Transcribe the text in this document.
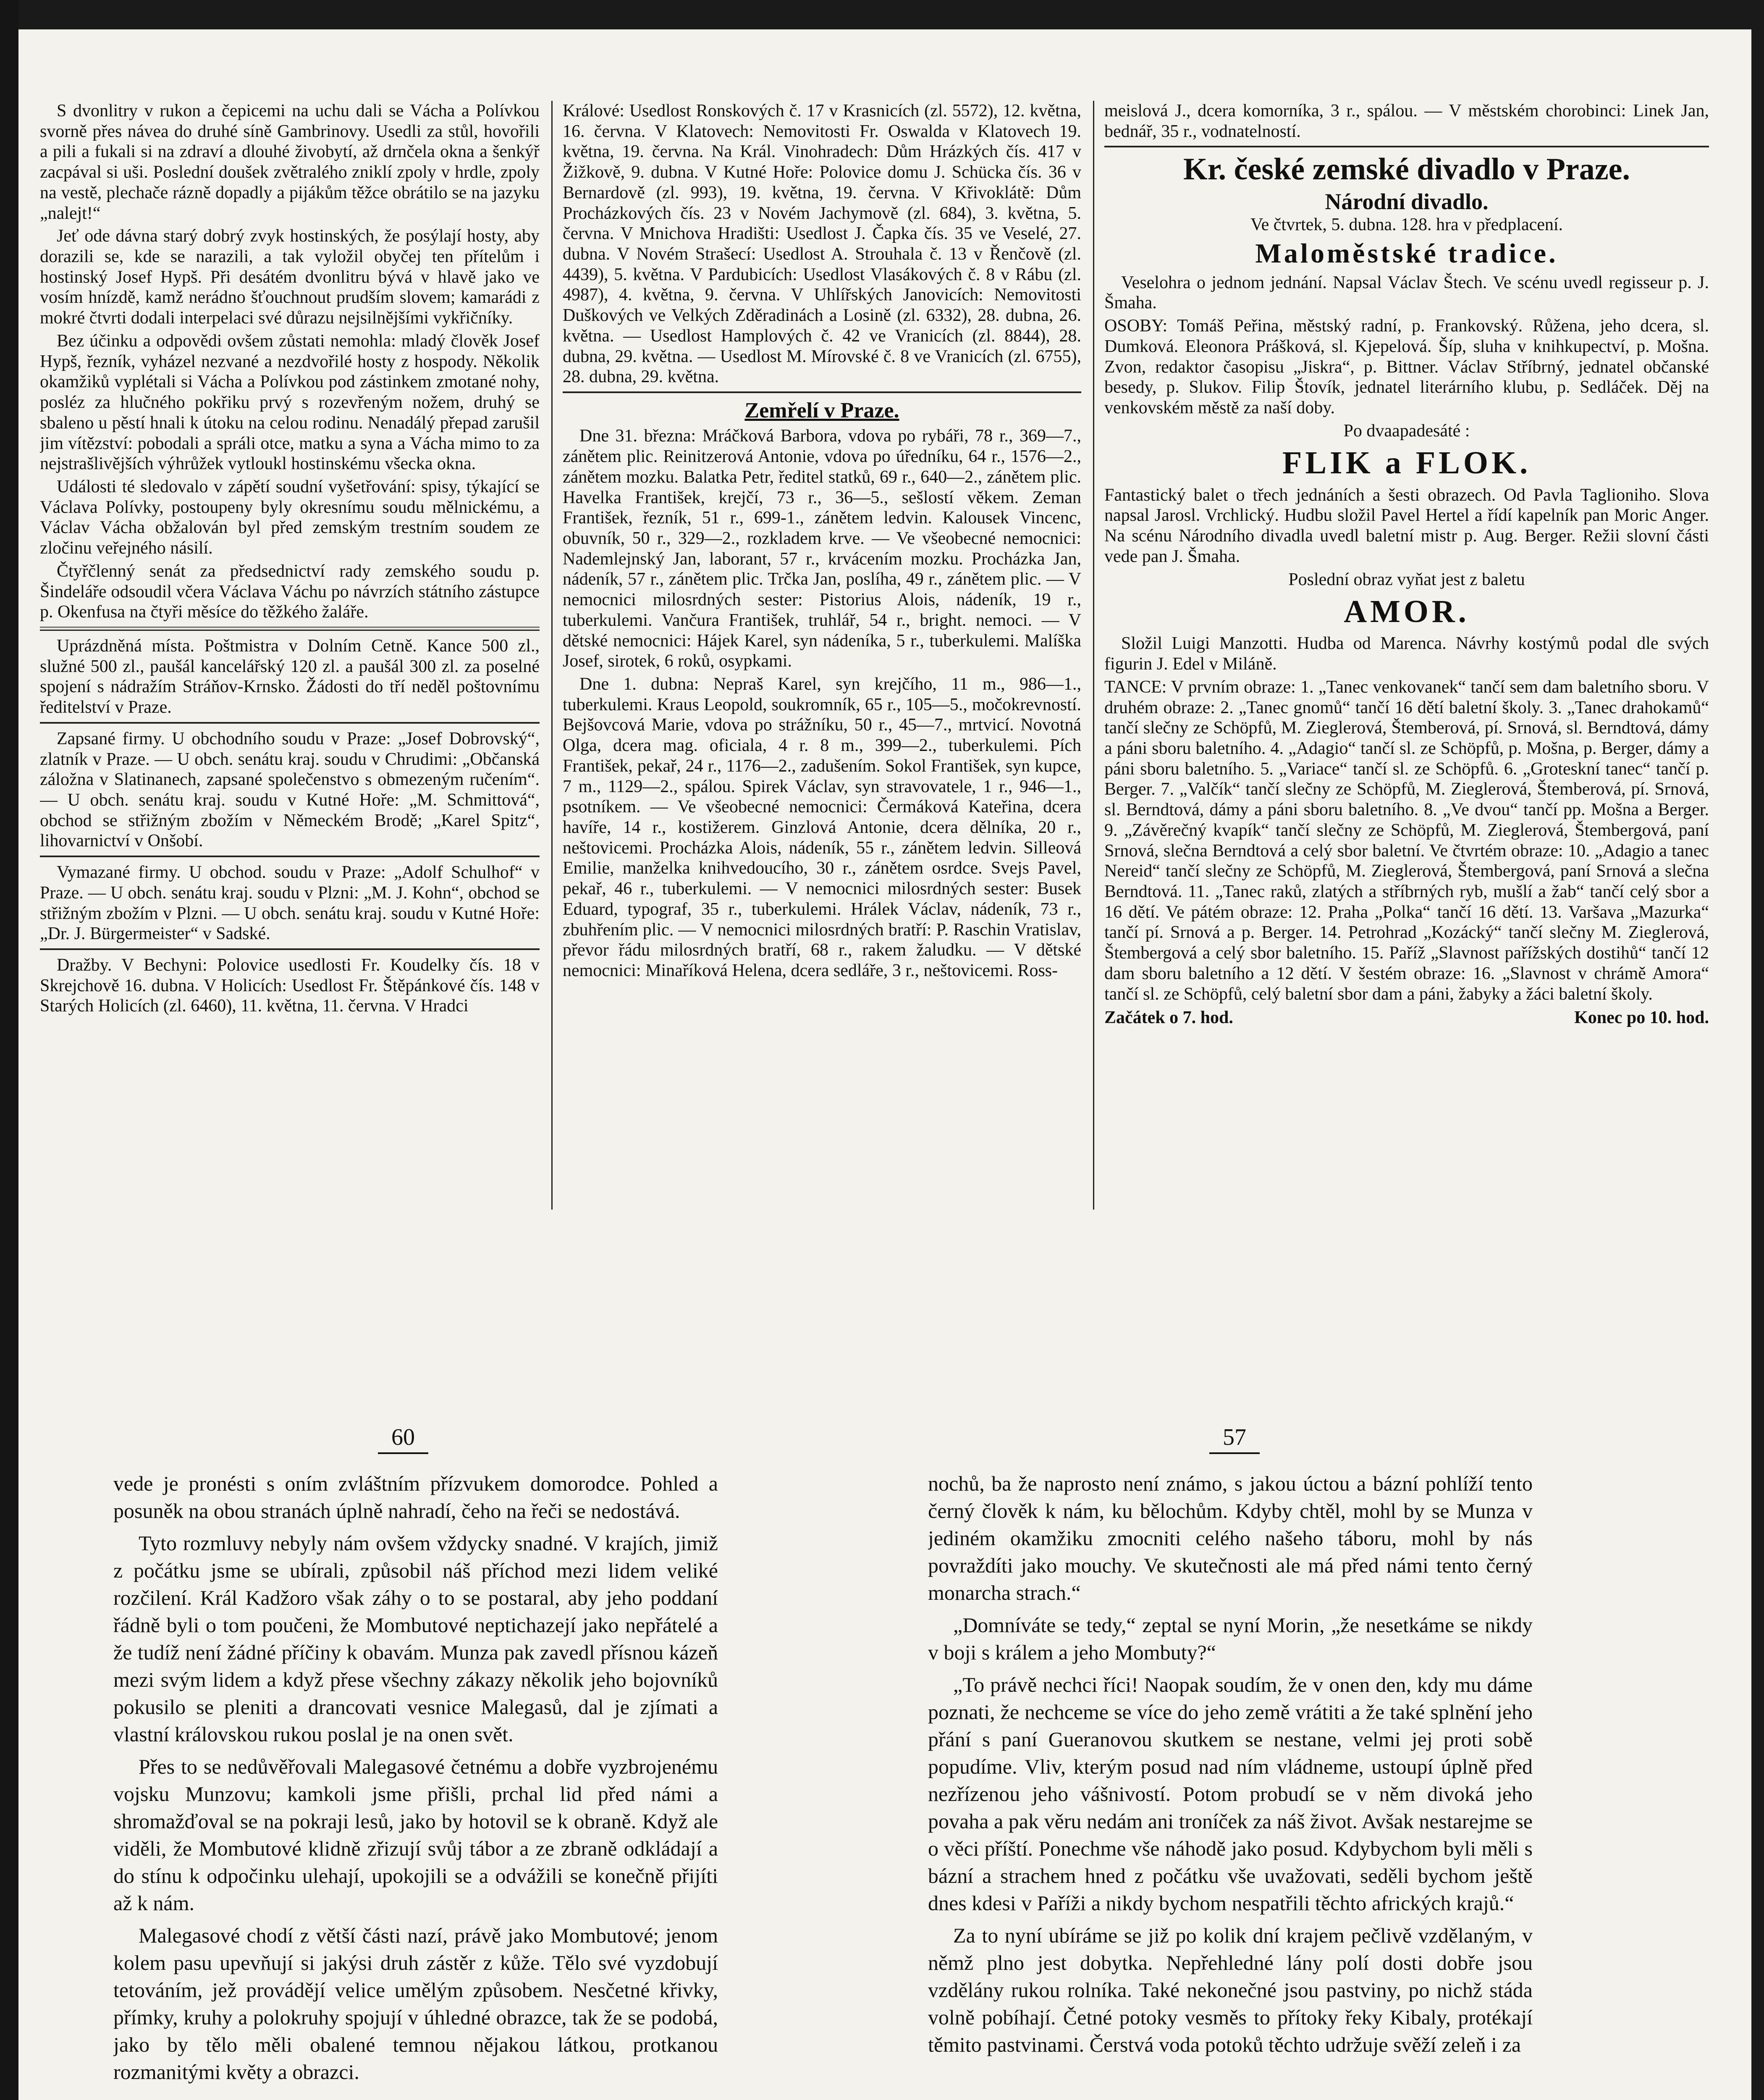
S dvonlitry v rukon a čepicemi na uchu dali se Vácha a Polívkou svorně přes návea do druhé síně Gambrinovy. Usedli za stůl, hovořili a pili a fukali si na zdraví a dlouhé živobytí, až drnčela okna a šenkýř zacpával si uši. Poslední doušek zvětralého zniklí zpoly v hrdle, zpoly na vestě, plechače rázně dopadly a pijákům těžce obrátilo se na jazyku „nalejt!“

Jeť ode dávna starý dobrý zvyk hostinských, že posýlají hosty, aby dorazili se, kde se narazili, a tak vyložil obyčej ten přítelům i hostinský Josef Hypš. Při desátém dvonlitru bývá v hlavě jako ve vosím hnízdě, kamž nerádno šťouchnout prudším slovem; kamarádi z mokré čtvrti dodali interpelaci své důrazu nejsilnějšími vykřičníky.

Bez účinku a odpovědi ovšem zůstati nemohla: mladý člověk Josef Hypš, řezník, vyházel nezvané a nezdvořilé hosty z hospody. Několik okamžiků vyplétali si Vácha a Polívkou pod zástinkem zmotané nohy, posléz za hlučného pokřiku prvý s rozevřeným nožem, druhý se sbaleno u pěstí hnali k útoku na celou rodinu. Nenadálý přepad zarušil jim vítězství: pobodali a spráli otce, matku a syna a Vácha mimo to za nejstrašlivějších výhrůžek vytloukl hostinskému všecka okna.

Události té sledovalo v zápětí soudní vyšetřování: spisy, týkající se Václava Polívky, postoupeny byly okresnímu soudu mělnickému, a Václav Vácha obžalován byl před zemským trestním soudem ze zločinu veřejného násilí.

Čtyřčlenný senát za předsednictví rady zemského soudu p. Šindeláře odsoudil včera Václava Váchu po návrzích státního zástupce p. Okenfusa na čtyři měsíce do těžkého žaláře.

Uprázdněná místa. Poštmistra v Dolním Cetně. Kance 500 zl., služné 500 zl., paušál kancelářský 120 zl. a paušál 300 zl. za poselné spojení s nádražím Stráňov-Krnsko. Žádosti do tří neděl poštovnímu ředitelství v Praze.

Zapsané firmy. U obchodního soudu v Praze: „Josef Dobrovský“, zlatník v Praze. — U obch. senátu kraj. soudu v Chrudimi: „Občanská záložna v Slatinanech, zapsané společenstvo s obmezeným ručením“. — U obch. senátu kraj. soudu v Kutné Hoře: „M. Schmittová“, obchod se střižným zbožím v Německém Brodě; „Karel Spitz“, lihovarnictví v Onšobí.

Vymazané firmy. U obchod. soudu v Praze: „Adolf Schulhof“ v Praze. — U obch. senátu kraj. soudu v Plzni: „M. J. Kohn“, obchod se střižným zbožím v Plzni. — U obch. senátu kraj. soudu v Kutné Hoře: „Dr. J. Bürgermeister“ v Sadské.

Dražby. V Bechyni: Polovice usedlosti Fr. Koudelky čís. 18 v Skrejchově 16. dubna. V Holicích: Usedlost Fr. Štěpánkové čís. 148 v Starých Holicích (zl. 6460), 11. května, 11. června. V Hradci

Králové: Usedlost Ronskových č. 17 v Krasnicích (zl. 5572), 12. května, 16. června. V Klatovech: Nemovitosti Fr. Oswalda v Klatovech 19. května, 19. června. Na Král. Vinohradech: Dům Hrázkých čís. 417 v Žižkově, 9. dubna. V Kutné Hoře: Polovice domu J. Schücka čís. 36 v Bernardově (zl. 993), 19. května, 19. června. V Křivoklátě: Dům Procházkových čís. 23 v Novém Jachymově (zl. 684), 3. května, 5. června. V Mnichova Hradišti: Usedlost J. Čapka čís. 35 ve Veselé, 27. dubna. V Novém Strašecí: Usedlost A. Strouhala č. 13 v Řenčově (zl. 4439), 5. května. V Pardubicích: Usedlost Vlasákových č. 8 v Rábu (zl. 4987), 4. května, 9. června. V Uhlířských Janovicích: Nemovitosti Duškových ve Velkých Zděradinách a Losině (zl. 6332), 28. dubna, 26. května. — Usedlost Hamplových č. 42 ve Vranicích (zl. 8844), 28. dubna, 29. května. — Usedlost M. Mírovské č. 8 ve Vranicích (zl. 6755), 28. dubna, 29. května.

Zemřelí v Praze.

Dne 31. března: Mráčková Barbora, vdova po rybáři, 78 r., 369—7., zánětem plic. Reinitzerová Antonie, vdova po úředníku, 64 r., 1576—2., zánětem mozku. Balatka Petr, ředitel statků, 69 r., 640—2., zánětem plic. Havelka František, krejčí, 73 r., 36—5., sešlostí věkem. Zeman František, řezník, 51 r., 699-1., zánětem ledvin. Kalousek Vincenc, obuvník, 50 r., 329—2., rozkladem krve. — Ve všeobecné nemocnici: Nademlejnský Jan, laborant, 57 r., krvácením mozku. Procházka Jan, nádeník, 57 r., zánětem plic. Trčka Jan, poslíha, 49 r., zánětem plic. — V nemocnici milosrdných sester: Pistorius Alois, nádeník, 19 r., tuberkulemi. Vančura František, truhlář, 54 r., bright. nemoci. — V dětské nemocnici: Hájek Karel, syn nádeníka, 5 r., tuberkulemi. Malíška Josef, sirotek, 6 roků, osypkami.

Dne 1. dubna: Nepraš Karel, syn krejčího, 11 m., 986—1., tuberkulemi. Kraus Leopold, soukromník, 65 r., 105—5., močokrevností. Bejšovcová Marie, vdova po strážníku, 50 r., 45—7., mrtvicí. Novotná Olga, dcera mag. oficiala, 4 r. 8 m., 399—2., tuberkulemi. Pích František, pekař, 24 r., 1176—2., zadušením. Sokol František, syn kupce, 7 m., 1129—2., spálou. Spirek Václav, syn stravovatele, 1 r., 946—1., psotníkem. — Ve všeobecné nemocnici: Čermáková Kateřina, dcera havíře, 14 r., kostižerem. Ginzlová Antonie, dcera dělníka, 20 r., neštovicemi. Procházka Alois, nádeník, 55 r., zánětem ledvin. Silleová Emilie, manželka knihvedoucího, 30 r., zánětem osrdce. Svejs Pavel, pekař, 46 r., tuberkulemi. — V nemocnici milosrdných sester: Busek Eduard, typograf, 35 r., tuberkulemi. Hrálek Václav, nádeník, 73 r., zbuhřením plic. — V nemocnici milosrdných bratří: P. Raschin Vratislav, převor řádu milosrdných bratří, 68 r., rakem žaludku. — V dětské nemocnici: Minaříková Helena, dcera sedláře, 3 r., neštovicemi. Ross-

meislová J., dcera komorníka, 3 r., spálou. — V městském chorobinci: Linek Jan, bednář, 35 r., vodnatelností.

Kr. české zemské divadlo v Praze.
Národní divadlo.
Ve čtvrtek, 5. dubna. 128. hra v předplacení.
Maloměstské tradice.

Veselohra o jednom jednání. Napsal Václav Štech. Ve scénu uvedl regisseur p. J. Šmaha.

OSOBY: Tomáš Peřina, městský radní, p. Frankovský. Růžena, jeho dcera, sl. Dumková. Eleonora Prášková, sl. Kjepelová. Šíp, sluha v knihkupectví, p. Mošna. Zvon, redaktor časopisu „Jiskra“, p. Bittner. Václav Stříbrný, jednatel občanské besedy, p. Slukov. Filip Štovík, jednatel literárního klubu, p. Sedláček. Děj na venkovském městě za naší doby.

Po dvaapadesáté :
FLIK a FLOK.

Fantastický balet o třech jednáních a šesti obrazech. Od Pavla Taglioniho. Slova napsal Jarosl. Vrchlický. Hudbu složil Pavel Hertel a řídí kapelník pan Moric Anger. Na scénu Národního divadla uvedl baletní mistr p. Aug. Berger. Režii slovní části vede pan J. Šmaha.

Poslední obraz vyňat jest z baletu
AMOR.

Složil Luigi Manzotti. Hudba od Marenca. Návrhy kostýmů podal dle svých figurin J. Edel v Miláně.

TANCE: V prvním obraze: 1. „Tanec venkovanek“ tančí sem dam baletního sboru. V druhém obraze: 2. „Tanec gnomů“ tančí 16 dětí baletní školy. 3. „Tanec drahokamů“ tančí slečny ze Schöpfů, M. Zieglerová, Štemberová, pí. Srnová, sl. Berndtová, dámy a páni sboru baletního. 4. „Adagio“ tančí sl. ze Schöpfů, p. Mošna, p. Berger, dámy a páni sboru baletního. 5. „Variace“ tančí sl. ze Schöpfů. 6. „Groteskní tanec“ tančí p. Berger. 7. „Valčík“ tančí slečny ze Schöpfů, M. Zieglerová, Štemberová, pí. Srnová, sl. Berndtová, dámy a páni sboru baletního. 8. „Ve dvou“ tančí pp. Mošna a Berger. 9. „Závěrečný kvapík“ tančí slečny ze Schöpfů, M. Zieglerová, Štembergová, paní Srnová, slečna Berndtová a celý sbor baletní. Ve čtvrtém obraze: 10. „Adagio a tanec Nereid“ tančí slečny ze Schöpfů, M. Zieglerová, Štembergová, paní Srnová a slečna Berndtová. 11. „Tanec raků, zlatých a stříbrných ryb, mušlí a žab“ tančí celý sbor a 16 dětí. Ve pátém obraze: 12. Praha „Polka“ tančí 16 dětí. 13. Varšava „Mazurka“ tančí pí. Srnová a p. Berger. 14. Petrohrad „Kozácký“ tančí slečny M. Zieglerová, Štembergová a celý sbor baletního. 15. Paříž „Slavnost pařížských dostihů“ tančí 12 dam sboru baletního a 12 dětí. V šestém obraze: 16. „Slavnost v chrámě Amora“ tančí sl. ze Schöpfů, celý baletní sbor dam a páni, žabyky a žáci baletní školy.

Začátek o 7. hod.	Konec po 10. hod.
60	57

vede je pronésti s oním zvláštním přízvukem domorodce. Pohled a posuněk na obou stranách úplně nahradí, čeho na řeči se nedostává.

Tyto rozmluvy nebyly nám ovšem vždycky snadné. V krajích, jimiž z počátku jsme se ubírali, způsobil náš příchod mezi lidem veliké rozčilení. Král Kadžoro však záhy o to se postaral, aby jeho poddaní řádně byli o tom poučeni, že Mombutové neptichazejí jako nepřátelé a že tudíž není žádné příčiny k obavám. Munza pak zavedl přísnou kázeň mezi svým lidem a když přese všechny zákazy několik jeho bojovníků pokusilo se pleniti a drancovati vesnice Malegasů, dal je zjímati a vlastní královskou rukou poslal je na onen svět.

Přes to se nedůvěřovali Malegasové četnému a dobře vyzbrojenému vojsku Munzovu; kamkoli jsme přišli, prchal lid před námi a shromažďoval se na pokraji lesů, jako by hotovil se k obraně. Když ale viděli, že Mombutové klidně zřizují svůj tábor a ze zbraně odkládají a do stínu k odpočinku ulehají, upokojili se a odvážili se konečně přijíti až k nám.

Malegasové chodí z větší části nazí, právě jako Mombutové; jenom kolem pasu upevňují si jakýsi druh zástěr z kůže. Tělo své vyzdobují tetováním, jež provádějí velice umělým způsobem. Nesčetné křivky, přímky, kruhy a polokruhy spojují v úhledné obrazce, tak že se podobá, jako by tělo měli obalené temnou nějakou látkou, protkanou rozmanitými květy a obrazci.

nochů, ba že naprosto není známo, s jakou úctou a bázní pohlíží tento černý člověk k nám, ku bělochům. Kdyby chtěl, mohl by se Munza v jediném okamžiku zmocniti celého našeho táboru, mohl by nás povraždíti jako mouchy. Ve skutečnosti ale má před námi tento černý monarcha strach.“

„Domníváte se tedy,“ zeptal se nyní Morin, „že nesetkáme se nikdy v boji s králem a jeho Mombuty?“

„To právě nechci říci! Naopak soudím, že v onen den, kdy mu dáme poznati, že nechceme se více do jeho země vrátiti a že také splnění jeho přání s paní Gueranovou skutkem se nestane, velmi jej proti sobě popudíme. Vliv, kterým posud nad ním vládneme, ustoupí úplně před nezřízenou jeho vášnivostí. Potom probudí se v něm divoká jeho povaha a pak věru nedám ani troníček za náš život. Avšak nestarejme se o věci příští. Ponechme vše náhodě jako posud. Kdybychom byli měli s bázní a strachem hned z počátku vše uvažovati, seděli bychom ještě dnes kdesi v Paříži a nikdy bychom nespatřili těchto afrických krajů.“

Za to nyní ubíráme se již po kolik dní krajem pečlivě vzdělaným, v němž plno jest dobytka. Nepřehledné lány polí dosti dobře jsou vzdělány rukou rolníka. Také nekonečné jsou pastviny, po nichž stáda volně pobíhají. Četné potoky vesměs to přítoky řeky Kibaly, protékají těmito pastvinami. Čerstvá voda potoků těchto udržuje svěží zeleň i za
